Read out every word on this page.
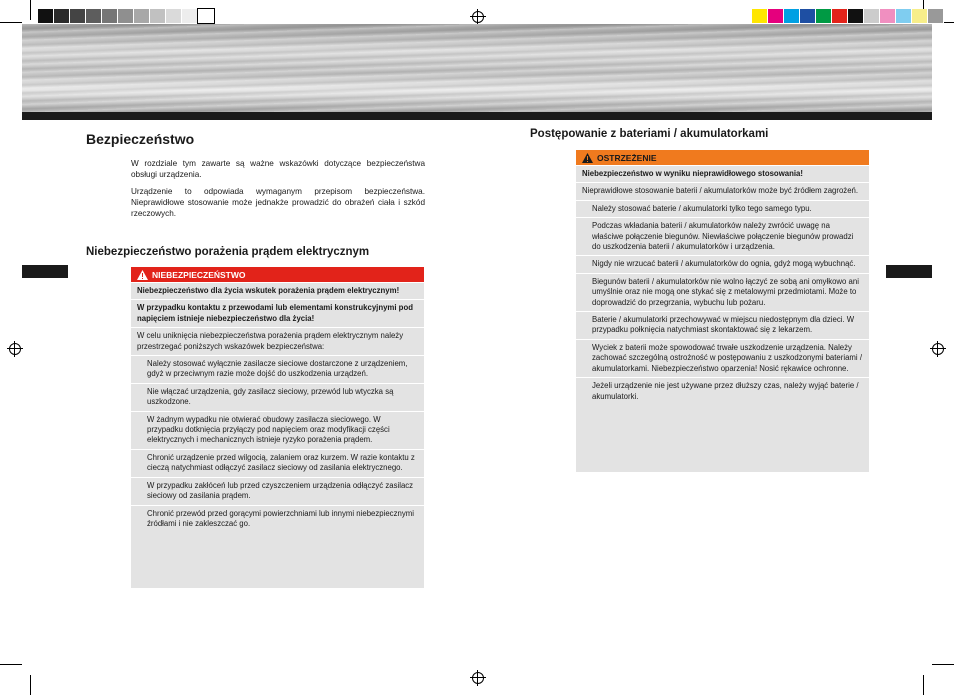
Bezpieczeństwo

W rozdziale tym zawarte są ważne wskazówki dotyczące bezpieczeństwa obsługi urządzenia.

Urządzenie to odpowiada wymaganym przepisom bezpieczeństwa. Nieprawidłowe stosowanie może jednakże prowadzić do obrażeń ciała i szkód rzeczowych.

Niebezpieczeństwo porażenia prądem elektrycznym
NIEBEZPIECZEŃSTWO
Niebezpieczeństwo dla życia wskutek porażenia prądem elektrycznym!
W przypadku kontaktu z przewodami lub elementami konstrukcyjnymi pod napięciem istnieje niebezpieczeństwo dla życia!
W celu uniknięcia niebezpieczeństwa porażenia prądem elektrycznym należy przestrzegać poniższych wskazówek bezpieczeństwa:
Należy stosować wyłącznie zasilacze sieciowe dostarczone z urządzeniem, gdyż w przeciwnym razie może dojść do uszkodzenia urządzeń.
Nie włączać urządzenia, gdy zasilacz sieciowy, przewód lub wtyczka są uszkodzone.
W żadnym wypadku nie otwierać obudowy zasilacza sieciowego. W przypadku dotknięcia przyłączy pod napięciem oraz modyfikacji części elektrycznych i mechanicznych istnieje ryzyko porażenia prądem.
Chronić urządzenie przed wilgocią, zalaniem oraz kurzem. W razie kontaktu z cieczą natychmiast odłączyć zasilacz sieciowy od zasilania elektrycznego.
W przypadku zakłóceń lub przed czyszczeniem urządzenia odłączyć zasilacz sieciowy od zasilania prądem.
Chronić przewód przed gorącymi powierzchniami lub innymi niebezpiecznymi źródłami i nie zakleszczać go.
Postępowanie z bateriami / akumulatorkami
OSTRZEŻENIE
Niebezpieczeństwo w wyniku nieprawidłowego stosowania!
Nieprawidłowe stosowanie baterii / akumulatorków może być źródłem zagrożeń.
Należy stosować baterie / akumulatorki tylko tego samego typu.
Podczas wkładania baterii / akumulatorków należy zwrócić uwagę na właściwe połączenie biegunów. Niewłaściwe połączenie biegunów prowadzi do uszkodzenia baterii / akumulatorków i urządzenia.
Nigdy nie wrzucać baterii / akumulatorków do ognia, gdyż mogą wybuchnąć.
Biegunów baterii / akumulatorków nie wolno łączyć ze sobą ani omyłkowo ani umyślnie oraz nie mogą one stykać się z metalowymi przedmiotami. Może to doprowadzić do przegrzania, wybuchu lub pożaru.
Baterie / akumulatorki przechowywać w miejscu niedostępnym dla dzieci. W przypadku połknięcia natychmiast skontaktować się z lekarzem.
Wyciek z baterii może spowodować trwałe uszkodzenie urządzenia. Należy zachować szczególną ostrożność w postępowaniu z uszkodzonymi bateriami / akumulatorkami. Niebezpieczeństwo oparzenia! Nosić rękawice ochronne.
Jeżeli urządzenie nie jest używane przez dłuższy czas, należy wyjąć baterie / akumulatorki.
